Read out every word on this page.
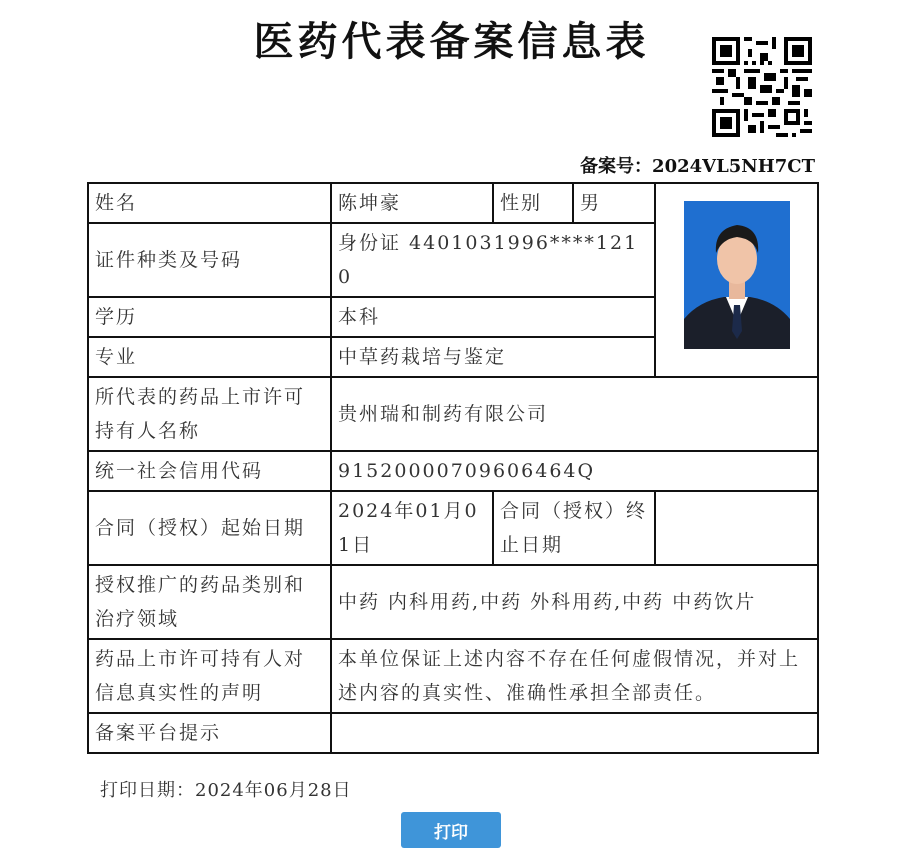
医药代表备案信息表
备案号：2024VL5NH7CT
姓名	陈坤豪	性别	男	
证件种类及号码	身份证 4401031996****1210			
学历	本科			
专业	中草药栽培与鉴定			
所代表的药品上市许可持有人名称	贵州瑞和制药有限公司			
统一社会信用代码	91520000709606464Q			
合同（授权）起始日期	2024年01月01日	合同（授权）终止日期		
授权推广的药品类别和治疗领域	中药 内科用药,中药 外科用药,中药 中药饮片			
药品上市许可持有人对信息真实性的声明	本单位保证上述内容不存在任何虚假情况，并对上述内容的真实性、准确性承担全部责任。			
备案平台提示				
打印日期：2024年06月28日
打印
